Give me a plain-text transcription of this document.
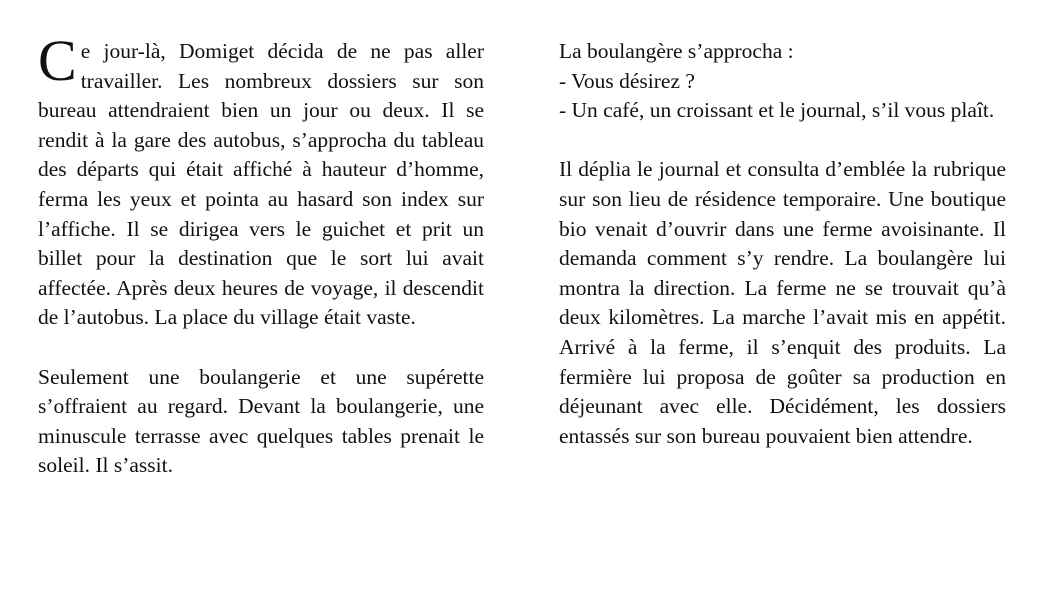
Ce jour-là, Domiget décida de ne pas aller travailler. Les nombreux dossiers sur son bureau attendraient bien un jour ou deux. Il se rendit à la gare des autobus, s’approcha du tableau des départs qui était affiché à hauteur d’homme, ferma les yeux et pointa au hasard son index sur l’affiche. Il se dirigea vers le guichet et prit un billet pour la destination que le sort lui avait affectée. Après deux heures de voyage, il descendit de l’autobus. La place du village était vaste.

Seulement une boulangerie et une supérette s’offraient au regard. Devant la boulangerie, une minuscule terrasse avec quelques tables prenait le soleil. Il s’assit.

La boulangère s’approcha :

- Vous désirez ?

- Un café, un croissant et le journal, s’il vous plaît.

Il déplia le journal et consulta d’emblée la rubrique sur son lieu de résidence temporaire. Une boutique bio venait d’ouvrir dans une ferme avoisinante. Il demanda comment s’y rendre. La boulangère lui montra la direction. La ferme ne se trouvait qu’à deux kilomètres. La marche l’avait mis en appétit. Arrivé à la ferme, il s’enquit des produits. La fermière lui proposa de goûter sa production en déjeunant avec elle. Décidément, les dossiers entassés sur son bureau pouvaient bien attendre.
